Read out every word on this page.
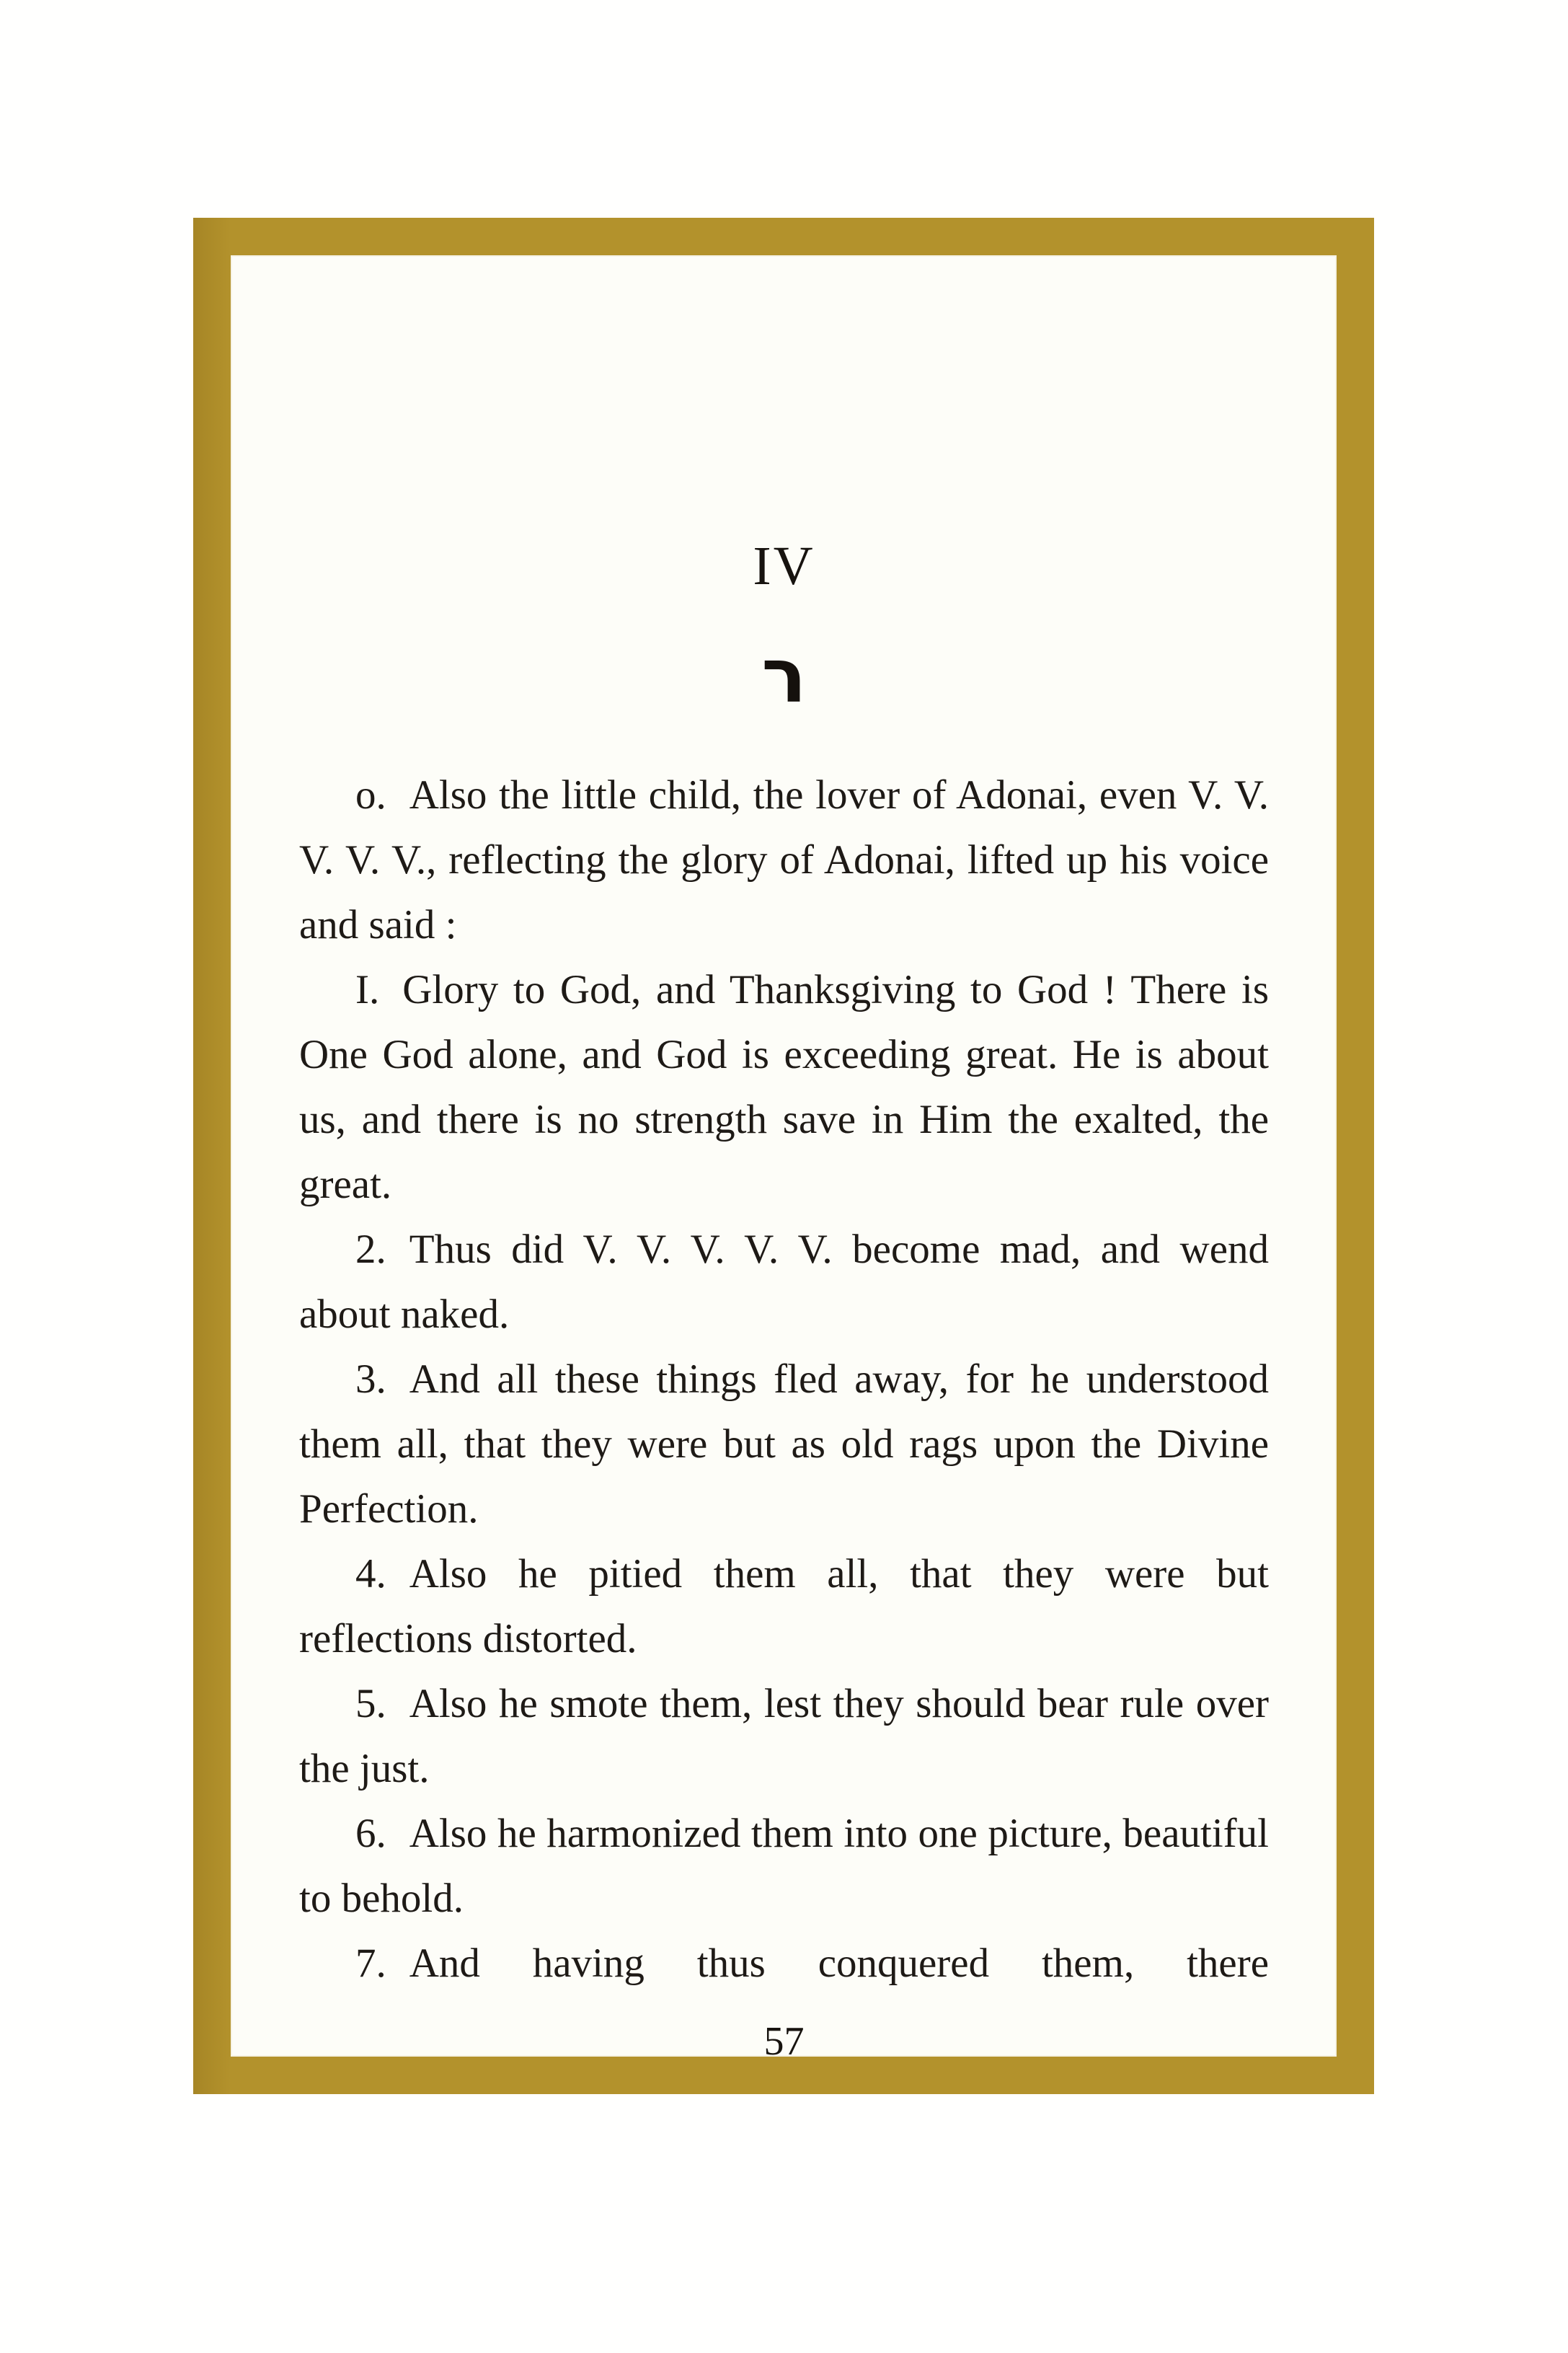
IV
ר

o. Also the little child, the lover of Adonai, even V. V. V. V. V., reflecting the glory of Adonai, lifted up his voice and said :

I. Glory to God, and Thanksgiving to God ! There is One God alone, and God is exceeding great. He is about us, and there is no strength save in Him the exalted, the great.

2. Thus did V. V. V. V. V. become mad, and wend about naked.

3. And all these things fled away, for he understood them all, that they were but as old rags upon the Divine Perfection.

4. Also he pitied them all, that they were but reflections distorted.

5. Also he smote them, lest they should bear rule over the just.

6. Also he harmonized them into one picture, beautiful to behold.

7. And having thus conquered them, there

57
